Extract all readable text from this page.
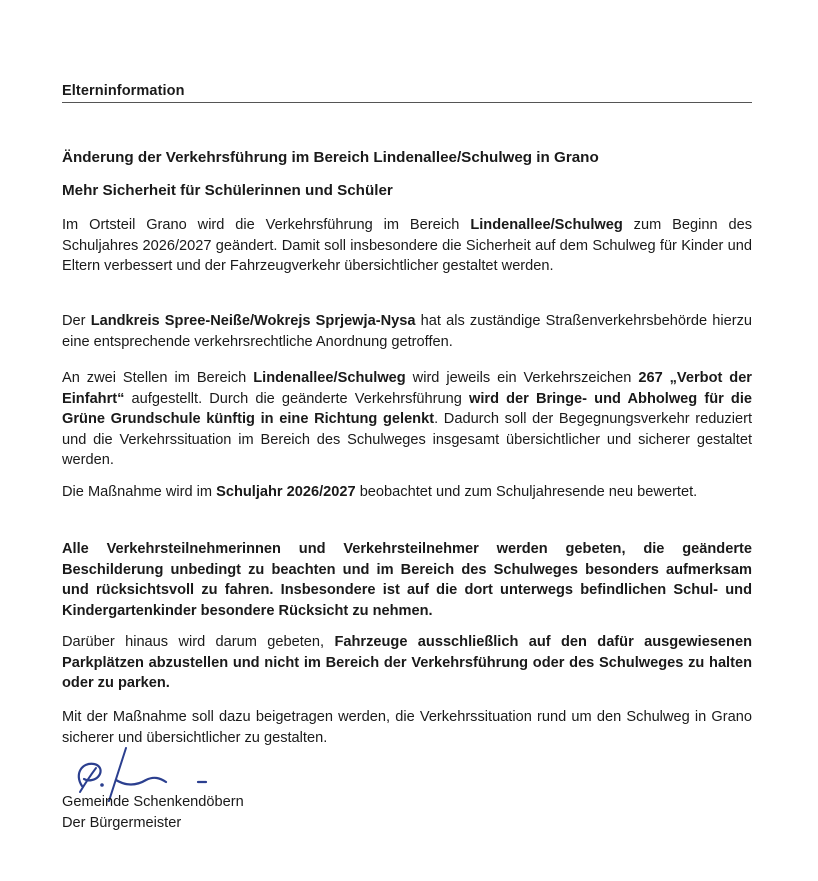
Elterninformation
Änderung der Verkehrsführung im Bereich Lindenallee/Schulweg in Grano
Mehr Sicherheit für Schülerinnen und Schüler

Im Ortsteil Grano wird die Verkehrsführung im Bereich Lindenallee/Schulweg zum Beginn des Schuljahres 2026/2027 geändert. Damit soll insbesondere die Sicherheit auf dem Schulweg für Kinder und Eltern verbessert und der Fahrzeugverkehr übersichtlicher gestaltet werden.

Der Landkreis Spree-Neiße/Wokrejs Sprjewja-Nysa hat als zuständige Straßenverkehrsbehörde hierzu eine entsprechende verkehrsrechtliche Anordnung getroffen.

An zwei Stellen im Bereich Lindenallee/Schulweg wird jeweils ein Verkehrszeichen 267 „Verbot der Einfahrt“ aufgestellt. Durch die geänderte Verkehrsführung wird der Bringe- und Abholweg für die Grüne Grundschule künftig in eine Richtung gelenkt. Dadurch soll der Begegnungsverkehr reduziert und die Verkehrssituation im Bereich des Schulweges insgesamt übersichtlicher und sicherer gestaltet werden.

Die Maßnahme wird im Schuljahr 2026/2027 beobachtet und zum Schuljahresende neu bewertet.

Alle Verkehrsteilnehmerinnen und Verkehrsteilnehmer werden gebeten, die geänderte Beschilderung unbedingt zu beachten und im Bereich des Schulweges besonders aufmerksam und rücksichtsvoll zu fahren. Insbesondere ist auf die dort unterwegs befindlichen Schul- und Kindergartenkinder besondere Rücksicht zu nehmen.

Darüber hinaus wird darum gebeten, Fahrzeuge ausschließlich auf den dafür ausgewiesenen Parkplätzen abzustellen und nicht im Bereich der Verkehrsführung oder des Schulweges zu halten oder zu parken.

Mit der Maßnahme soll dazu beigetragen werden, die Verkehrssituation rund um den Schulweg in Grano sicherer und übersichtlicher zu gestalten.

Gemeinde Schenkendöbern
Der Bürgermeister
